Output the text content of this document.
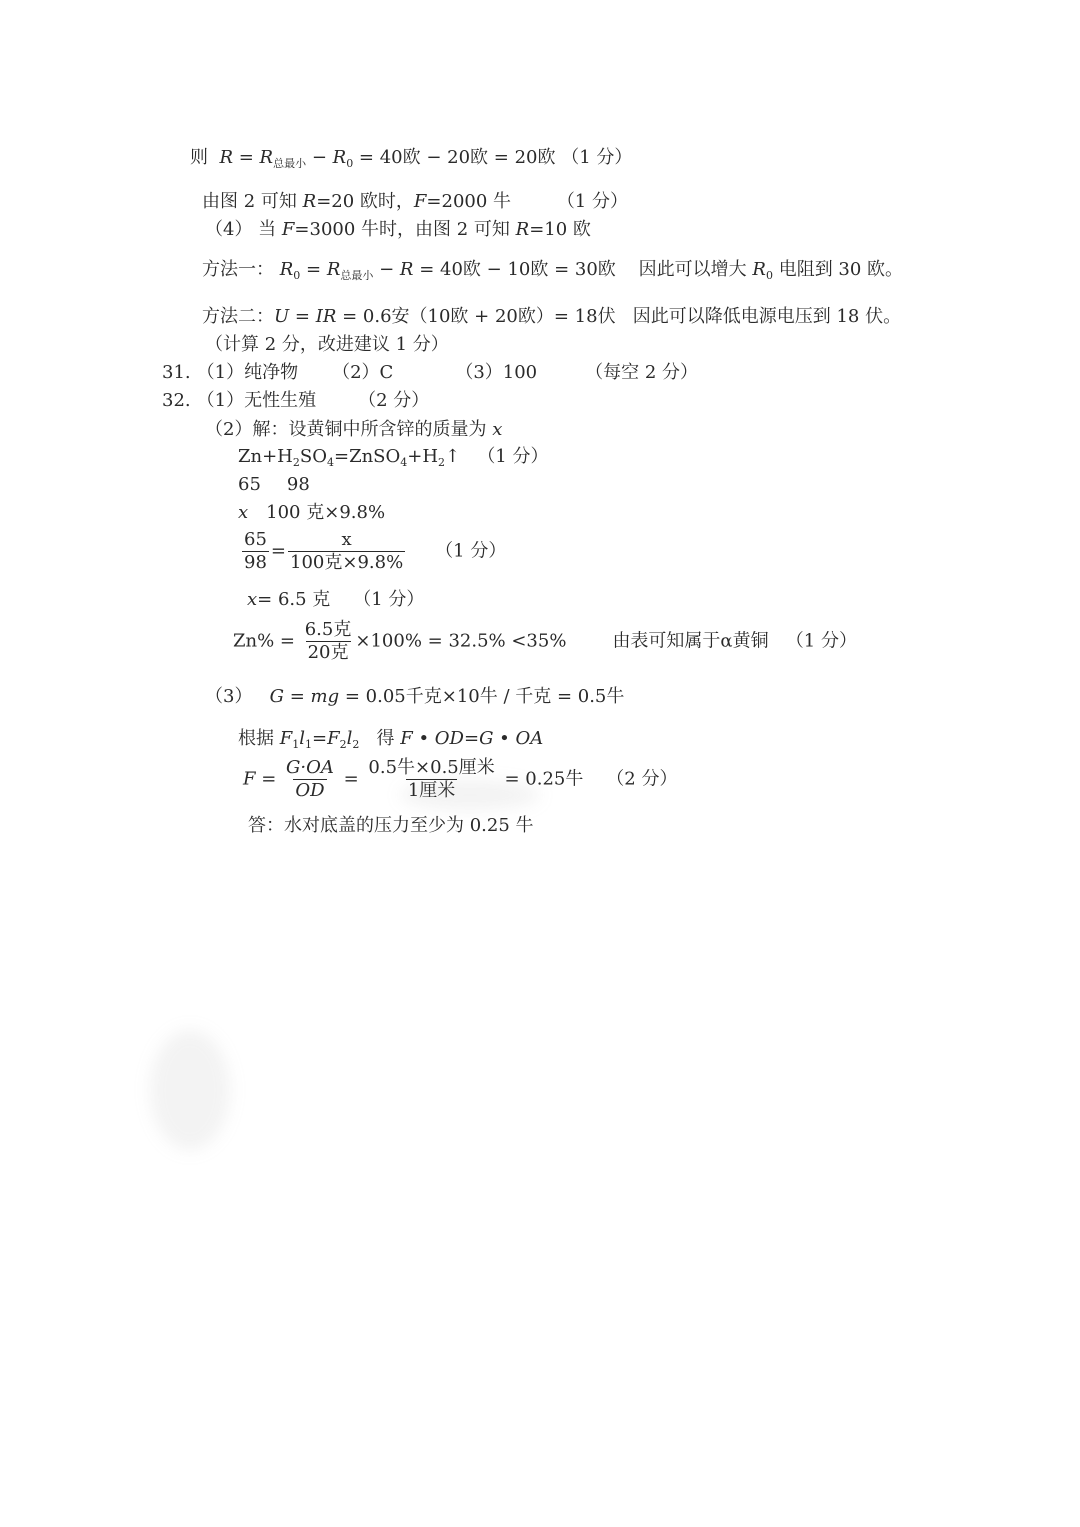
则 $R = R_{总最小} - R_0 = 40$欧 − 20欧 = 20欧 （1 分）
由图 2 可知 R=20 欧时，F=2000 牛	（1 分）
（4） 当 F=3000 牛时，由图 2 可知 R=10 欧
方法一： $R_0 = R_{总最小} - R = 40$欧 − 10欧 = 30欧 因此可以增大 $R_0$ 电阻到 30 欧。
方法二：U = IR = 0.6安（10欧 + 20欧）= 18伏 因此可以降低电源电压到 18 伏。
（计算 2 分，改进建议 1 分）
31. （1）纯净物 （2）C	（3）100	（每空 2 分）
32. （1）无性生殖 （2 分）
（2）解：设黄铜中所含锌的质量为 x
$Zn+H_2SO_4=ZnSO_4+H_2↑$ （1 分）
65 98
x 100 克×9.8%
$\frac{65}{98} = \frac{x}{\text{100克×9.8\%}} (1$ 分）
x= 6.5 克 （1 分）
$Zn\% = \frac{\text{6.5克}}{\text{20克}} \times 100\% = 32.5\% <35\%$	由表可知属于α黄铜 （1 分）
（3） G = mg = 0.05千克×10牛 / 千克 = 0.5牛
根据 $F_1l_1=F_2l_2$   得 F • OD=G • OA
$F = \frac{G\cdot OA}{OD} = \frac{\text{0.5牛×0.5厘米}}{\text{1厘米}} = 0.25$牛 （2 分）
答：水对底盖的压力至少为 0.25 牛
